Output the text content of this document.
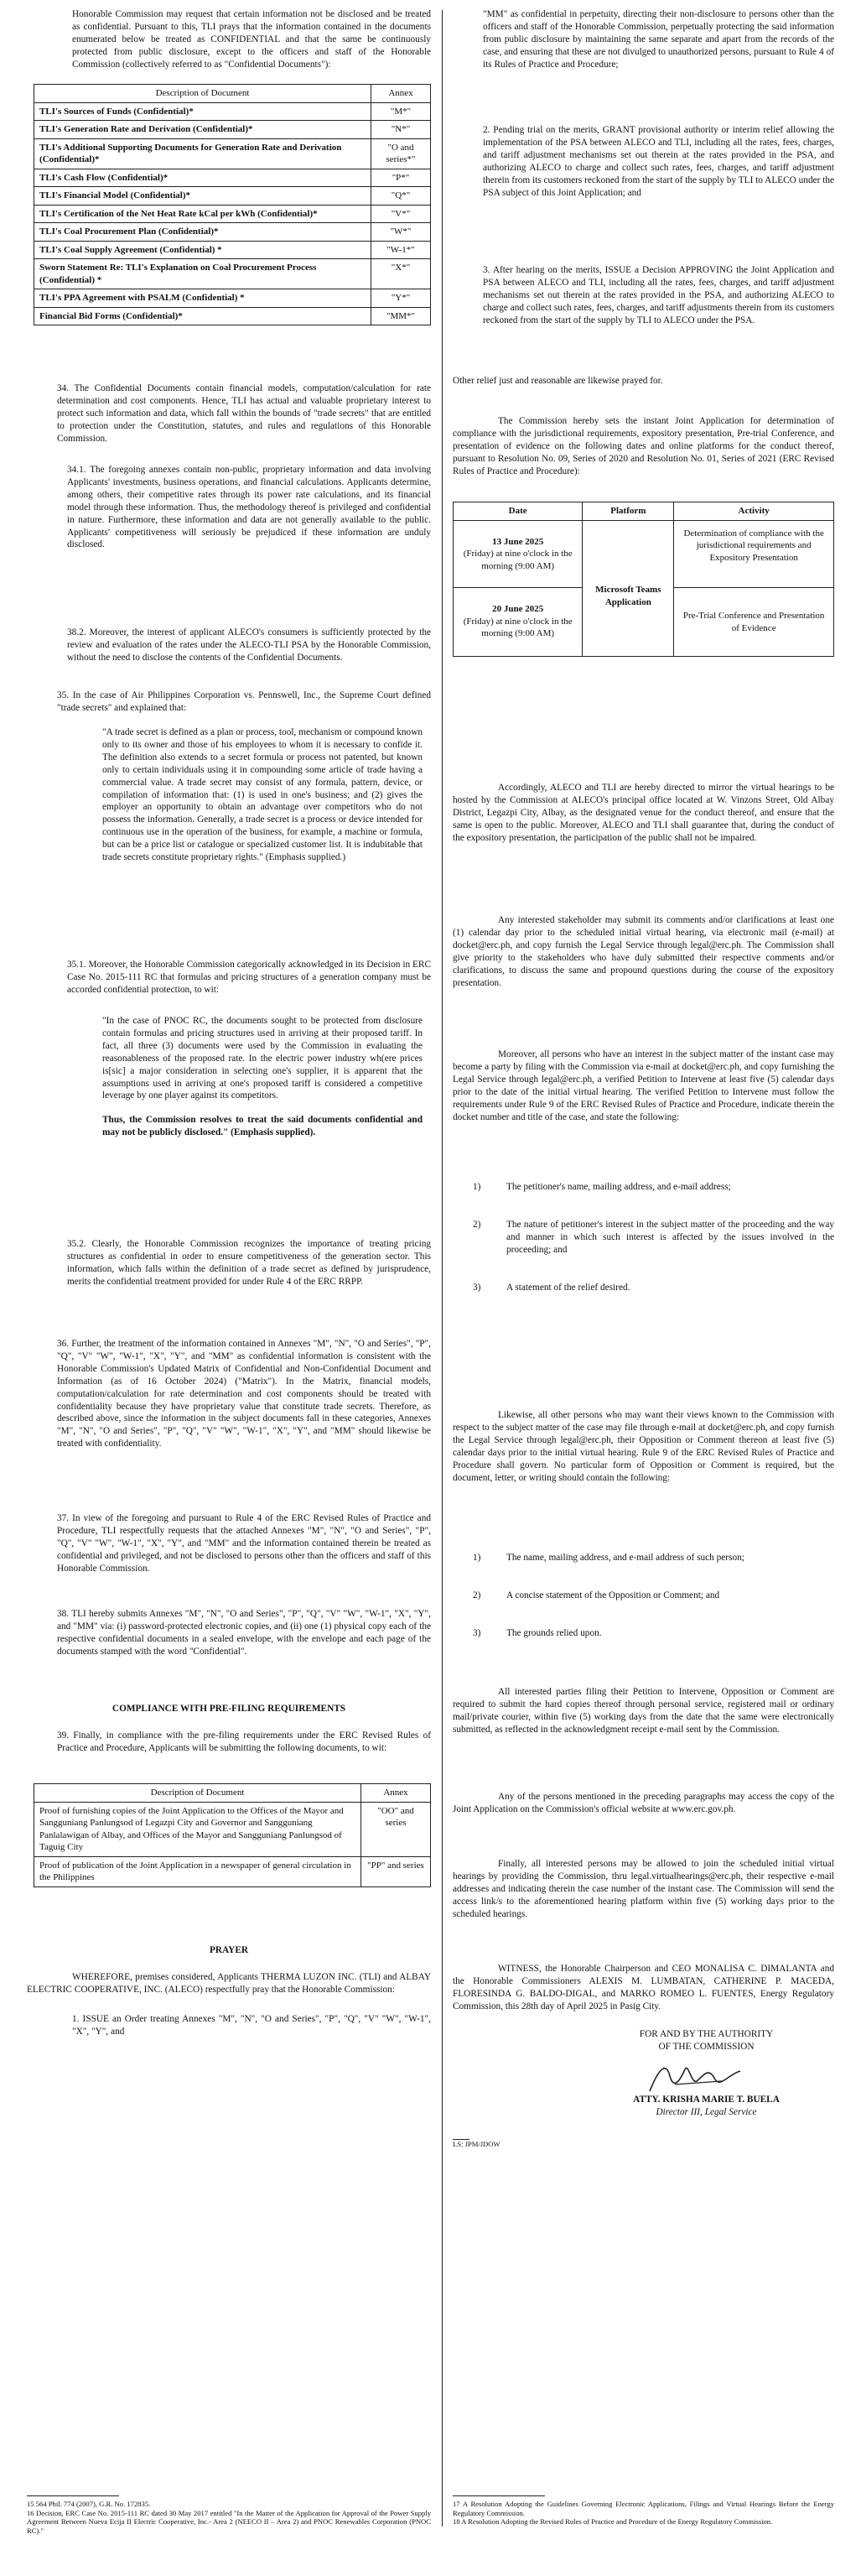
Honorable Commission may request that certain information not be disclosed and be treated as confidential. Pursuant to this, TLI prays that the information contained in the documents enumerated below be treated as CONFIDENTIAL and that the same be continuously protected from public disclosure, except to the officers and staff of the Honorable Commission (collectively referred to as "Confidential Documents"):

Description of Document	Annex
TLI's Sources of Funds (Confidential)*	"M*"
TLI's Generation Rate and Derivation (Confidential)*	"N*"
TLI's Additional Supporting Documents for Generation Rate and Derivation (Confidential)*	"O and series*"
TLI's Cash Flow (Confidential)*	"P*"
TLI's Financial Model (Confidential)*	"Q*"
TLI's Certification of the Net Heat Rate kCal per kWh (Confidential)*	"V*"
TLI's Coal Procurement Plan (Confidential)*	"W*"
TLI's Coal Supply Agreement (Confidential) *	"W-1*"
Sworn Statement Re: TLI's Explanation on Coal Procurement Process (Confidential) *	"X*"
TLI's PPA Agreement with PSALM (Confidential) *	"Y*"
Financial Bid Forms (Confidential)*	"MM*"

34. The Confidential Documents contain financial models, computation/calculation for rate determination and cost components. Hence, TLI has actual and valuable proprietary interest to protect such information and data, which fall within the bounds of "trade secrets" that are entitled to protection under the Constitution, statutes, and rules and regulations of this Honorable Commission.

34.1. The foregoing annexes contain non-public, proprietary information and data involving Applicants' investments, business operations, and financial calculations. Applicants determine, among others, their competitive rates through its power rate calculations, and its financial model through these information. Thus, the methodology thereof is privileged and confidential in nature. Furthermore, these information and data are not generally available to the public. Applicants' competitiveness will seriously be prejudiced if these information are unduly disclosed.

38.2. Moreover, the interest of applicant ALECO's consumers is sufficiently protected by the review and evaluation of the rates under the ALECO-TLI PSA by the Honorable Commission, without the need to disclose the contents of the Confidential Documents.

35. In the case of Air Philippines Corporation vs. Pennswell, Inc., the Supreme Court defined "trade secrets" and explained that:

"A trade secret is defined as a plan or process, tool, mechanism or compound known only to its owner and those of his employees to whom it is necessary to confide it. The definition also extends to a secret formula or process not patented, but known only to certain individuals using it in compounding some article of trade having a commercial value. A trade secret may consist of any formula, pattern, device, or compilation of information that: (1) is used in one's business; and (2) gives the employer an opportunity to obtain an advantage over competitors who do not possess the information. Generally, a trade secret is a process or device intended for continuous use in the operation of the business, for example, a machine or formula, but can be a price list or catalogue or specialized customer list. It is indubitable that trade secrets constitute proprietary rights." (Emphasis supplied.)

35.1. Moreover, the Honorable Commission categorically acknowledged in its Decision in ERC Case No. 2015-111 RC that formulas and pricing structures of a generation company must be accorded confidential protection, to wit:

"In the case of PNOC RC, the documents sought to be protected from disclosure contain formulas and pricing structures used in arriving at their proposed tariff. In fact, all three (3) documents were used by the Commission in evaluating the reasonableness of the proposed rate. In the electric power industry wh(ere prices is[sic] a major consideration in selecting one's supplier, it is apparent that the assumptions used in arriving at one's proposed tariff is considered a competitive leverage by one player against its competitors.

Thus, the Commission resolves to treat the said documents confidential and may not be publicly disclosed." (Emphasis supplied).

35.2. Clearly, the Honorable Commission recognizes the importance of treating pricing structures as confidential in order to ensure competitiveness of the generation sector. This information, which falls within the definition of a trade secret as defined by jurisprudence, merits the confidential treatment provided for under Rule 4 of the ERC RRPP.

36. Further, the treatment of the information contained in Annexes "M", "N", "O and Series", "P", "Q", "V" "W", "W-1", "X", "Y", and "MM" as confidential information is consistent with the Honorable Commission's Updated Matrix of Confidential and Non-Confidential Document and Information (as of 16 October 2024) ("Matrix"). In the Matrix, financial models, computation/calculation for rate determination and cost components should be treated with confidentiality because they have proprietary value that constitute trade secrets. Therefore, as described above, since the information in the subject documents fall in these categories, Annexes "M", "N", "O and Series", "P", "Q", "V" "W", "W-1", "X", "Y", and "MM" should likewise be treated with confidentiality.

37. In view of the foregoing and pursuant to Rule 4 of the ERC Revised Rules of Practice and Procedure, TLI respectfully requests that the attached Annexes "M", "N", "O and Series", "P", "Q", "V" "W", "W-1", "X", "Y", and "MM" and the information contained therein be treated as confidential and privileged, and not be disclosed to persons other than the officers and staff of this Honorable Commission.

38. TLI hereby submits Annexes "M", "N", "O and Series", "P", "Q", "V" "W", "W-1", "X", "Y", and "MM" via: (i) password-protected electronic copies, and (ii) one (1) physical copy each of the respective confidential documents in a sealed envelope, with the envelope and each page of the documents stamped with the word "Confidential".

COMPLIANCE WITH PRE-FILING REQUIREMENTS

39. Finally, in compliance with the pre-filing requirements under the ERC Revised Rules of Practice and Procedure, Applicants will be submitting the following documents, to wit:

Description of Document	Annex
Proof of furnishing copies of the Joint Application to the Offices of the Mayor and Sangguniang Panlungsod of Legazpi City and Governor and Sangguniang Panlalawigan of Albay, and Offices of the Mayor and Sangguniang Panlungsod of Taguig City	"OO" and series
Proof of publication of the Joint Application in a newspaper of general circulation in the Philippines	"PP" and series
PRAYER

WHEREFORE, premises considered, Applicants THERMA LUZON INC. (TLI) and ALBAY ELECTRIC COOPERATIVE, INC. (ALECO) respectfully pray that the Honorable Commission:

1. ISSUE an Order treating Annexes "M", "N", "O and Series", "P", "Q", "V" "W", "W-1", "X", "Y", and

15 564 Phil. 774 (2007), G.R. No. 172835.

16 Decision, ERC Case No. 2015-111 RC dated 30 May 2017 entitled "In the Matter of the Application for Approval of the Power Supply Agreement Between Nueva Ecija II Electric Cooperative, Inc.- Area 2 (NEECO II – Area 2) and PNOC Renewables Corporation (PNOC RC)."

"MM" as confidential in perpetuity, directing their non-disclosure to persons other than the officers and staff of the Honorable Commission, perpetually protecting the said information from public disclosure by maintaining the same separate and apart from the records of the case, and ensuring that these are not divulged to unauthorized persons, pursuant to Rule 4 of its Rules of Practice and Procedure;

2. Pending trial on the merits, GRANT provisional authority or interim relief allowing the implementation of the PSA between ALECO and TLI, including all the rates, fees, charges, and tariff adjustment mechanisms set out therein at the rates provided in the PSA, and authorizing ALECO to charge and collect such rates, fees, charges, and tariff adjustment therein from its customers reckoned from the start of the supply by TLI to ALECO under the PSA subject of this Joint Application; and

3. After hearing on the merits, ISSUE a Decision APPROVING the Joint Application and PSA between ALECO and TLI, including all the rates, fees, charges, and tariff adjustment mechanisms set out therein at the rates provided in the PSA, and authorizing ALECO to charge and collect such rates, fees, charges, and tariff adjustments therein from its customers reckoned from the start of the supply by TLI to ALECO under the PSA.

Other relief just and reasonable are likewise prayed for.

The Commission hereby sets the instant Joint Application for determination of compliance with the jurisdictional requirements, expository presentation, Pre-trial Conference, and presentation of evidence on the following dates and online platforms for the conduct thereof, pursuant to Resolution No. 09, Series of 2020 and Resolution No. 01, Series of 2021 (ERC Revised Rules of Practice and Procedure):

Date	Platform	Activity

13 June 2025
(Friday) at nine o'clock in the morning (9:00 AM)	Microsoft Teams Application	Determination of compliance with the jurisdictional requirements and Expository Presentation

20 June 2025
(Friday) at nine o'clock in the morning (9:00 AM)		Pre-Trial Conference and Presentation of Evidence

Accordingly, ALECO and TLI are hereby directed to mirror the virtual hearings to be hosted by the Commission at ALECO's principal office located at W. Vinzons Street, Old Albay District, Legazpi City, Albay, as the designated venue for the conduct thereof, and ensure that the same is open to the public. Moreover, ALECO and TLI shall guarantee that, during the conduct of the expository presentation, the participation of the public shall not be impaired.

Any interested stakeholder may submit its comments and/or clarifications at least one (1) calendar day prior to the scheduled initial virtual hearing, via electronic mail (e-mail) at docket@erc.ph, and copy furnish the Legal Service through legal@erc.ph. The Commission shall give priority to the stakeholders who have duly submitted their respective comments and/or clarifications, to discuss the same and propound questions during the course of the expository presentation.

Moreover, all persons who have an interest in the subject matter of the instant case may become a party by filing with the Commission via e-mail at docket@erc.ph, and copy furnishing the Legal Service through legal@erc.ph, a verified Petition to Intervene at least five (5) calendar days prior to the date of the initial virtual hearing. The verified Petition to Intervene must follow the requirements under Rule 9 of the ERC Revised Rules of Practice and Procedure, indicate therein the docket number and title of the case, and state the following:

1)	The petitioner's name, mailing address, and e-mail address;

2)	The nature of petitioner's interest in the subject matter of the proceeding and the way and manner in which such interest is affected by the issues involved in the proceeding; and

3)	A statement of the relief desired.

Likewise, all other persons who may want their views known to the Commission with respect to the subject matter of the case may file through e-mail at docket@erc.ph, and copy furnish the Legal Service through legal@erc.ph, their Opposition or Comment thereon at least five (5) calendar days prior to the initial virtual hearing. Rule 9 of the ERC Revised Rules of Practice and Procedure shall govern. No particular form of Opposition or Comment is required, but the document, letter, or writing should contain the following:

1)	The name, mailing address, and e-mail address of such person;

2)	A concise statement of the Opposition or Comment; and

3)	The grounds relied upon.

All interested parties filing their Petition to Intervene, Opposition or Comment are required to submit the hard copies thereof through personal service, registered mail or ordinary mail/private courier, within five (5) working days from the date that the same were electronically submitted, as reflected in the acknowledgment receipt e-mail sent by the Commission.

Any of the persons mentioned in the preceding paragraphs may access the copy of the Joint Application on the Commission's official website at www.erc.gov.ph.

Finally, all interested persons may be allowed to join the scheduled initial virtual hearings by providing the Commission, thru legal.virtualhearings@erc.ph, their respective e-mail addresses and indicating therein the case number of the instant case. The Commission will send the access link/s to the aforementioned hearing platform within five (5) working days prior to the scheduled hearings.

WITNESS, the Honorable Chairperson and CEO MONALISA C. DIMALANTA and the Honorable Commissioners ALEXIS M. LUMBATAN, CATHERINE P. MACEDA, FLORESINDA G. BALDO-DIGAL, and MARKO ROMEO L. FUENTES, Energy Regulatory Commission, this 28th day of April 2025 in Pasig City.

FOR AND BY THE AUTHORITY
OF THE COMMISSION
ATTY. KRISHA MARIE T. BUELA
Director III, Legal Service
LS: JPM/JDOW

17 A Resolution Adopting the Guidelines Governing Electronic Applications, Filings and Virtual Hearings Before the Energy Regulatory Commission.

18 A Resolution Adopting the Revised Rules of Practice and Procedure of the Energy Regulatory Commission.
